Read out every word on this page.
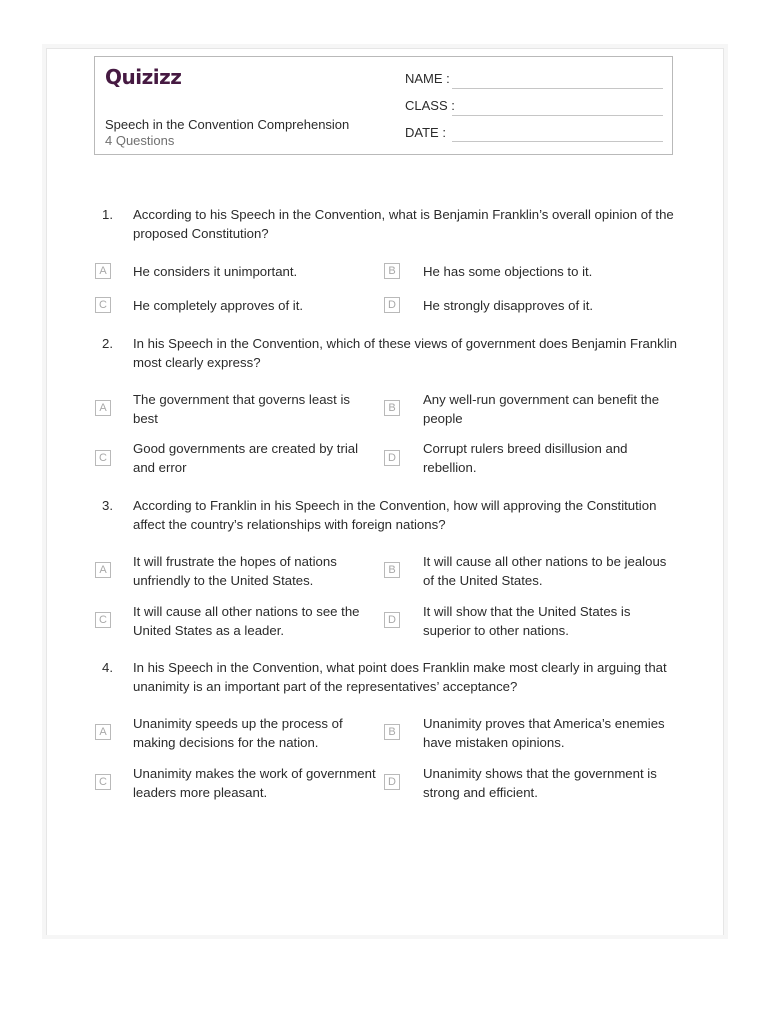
Quizizz
Speech in the Convention Comprehension
4 Questions
NAME :
CLASS :
DATE :
1. According to his Speech in the Convention, what is Benjamin Franklin’s overall opinion of the proposed Constitution?
A	He considers it unimportant.	B	He has some objections to it.
C	He completely approves of it.	D	He strongly disapproves of it.
2. In his Speech in the Convention, which of these views of government does Benjamin Franklin most clearly express?
A
The government that governs least is best
B
Any well-run government can benefit the people
C
Good governments are created by trial and error
D
Corrupt rulers breed disillusion and rebellion.
3. According to Franklin in his Speech in the Convention, how will approving the Constitution affect the country’s relationships with foreign nations?
A
It will frustrate the hopes of nations unfriendly to the United States.
B
It will cause all other nations to be jealous of the United States.
C
It will cause all other nations to see the United States as a leader.
D
It will show that the United States is superior to other nations.
4. In his Speech in the Convention, what point does Franklin make most clearly in arguing that unanimity is an important part of the representatives’ acceptance?
A
Unanimity speeds up the process of making decisions for the nation.
B
Unanimity proves that America’s enemies have mistaken opinions.
C
Unanimity makes the work of government leaders more pleasant.
D
Unanimity shows that the government is strong and efficient.
